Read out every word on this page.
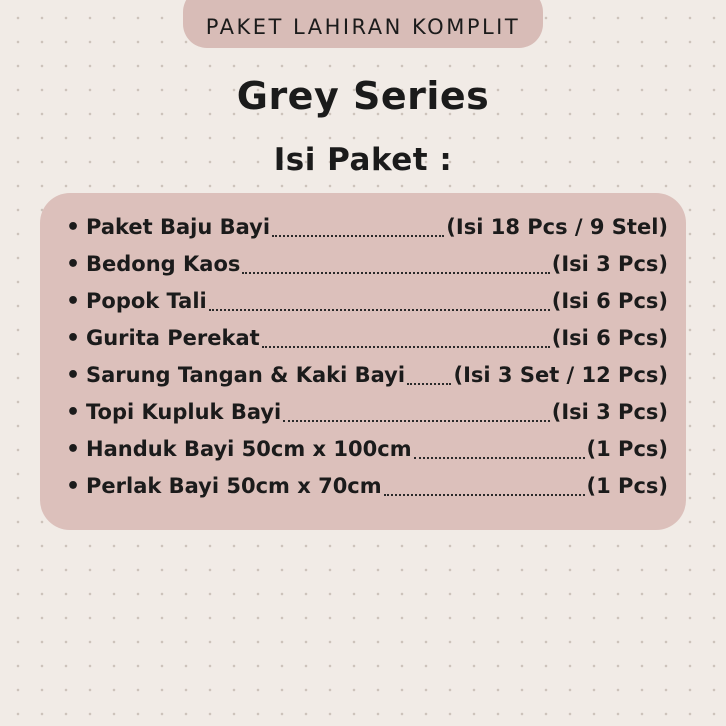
PAKET LAHIRAN KOMPLIT
Grey Series
Isi Paket :
• Paket Baju Bayi	(Isi 18 Pcs / 9 Stel)
• Bedong Kaos	(Isi 3 Pcs)
• Popok Tali	(Isi 6 Pcs)
• Gurita Perekat	(Isi 6 Pcs)
• Sarung Tangan & Kaki Bayi (Isi 3 Set / 12 Pcs)
• Topi Kupluk Bayi	(Isi 3 Pcs)
• Handuk Bayi 50cm x 100cm	(1 Pcs)
• Perlak Bayi 50cm x 70cm	(1 Pcs)
